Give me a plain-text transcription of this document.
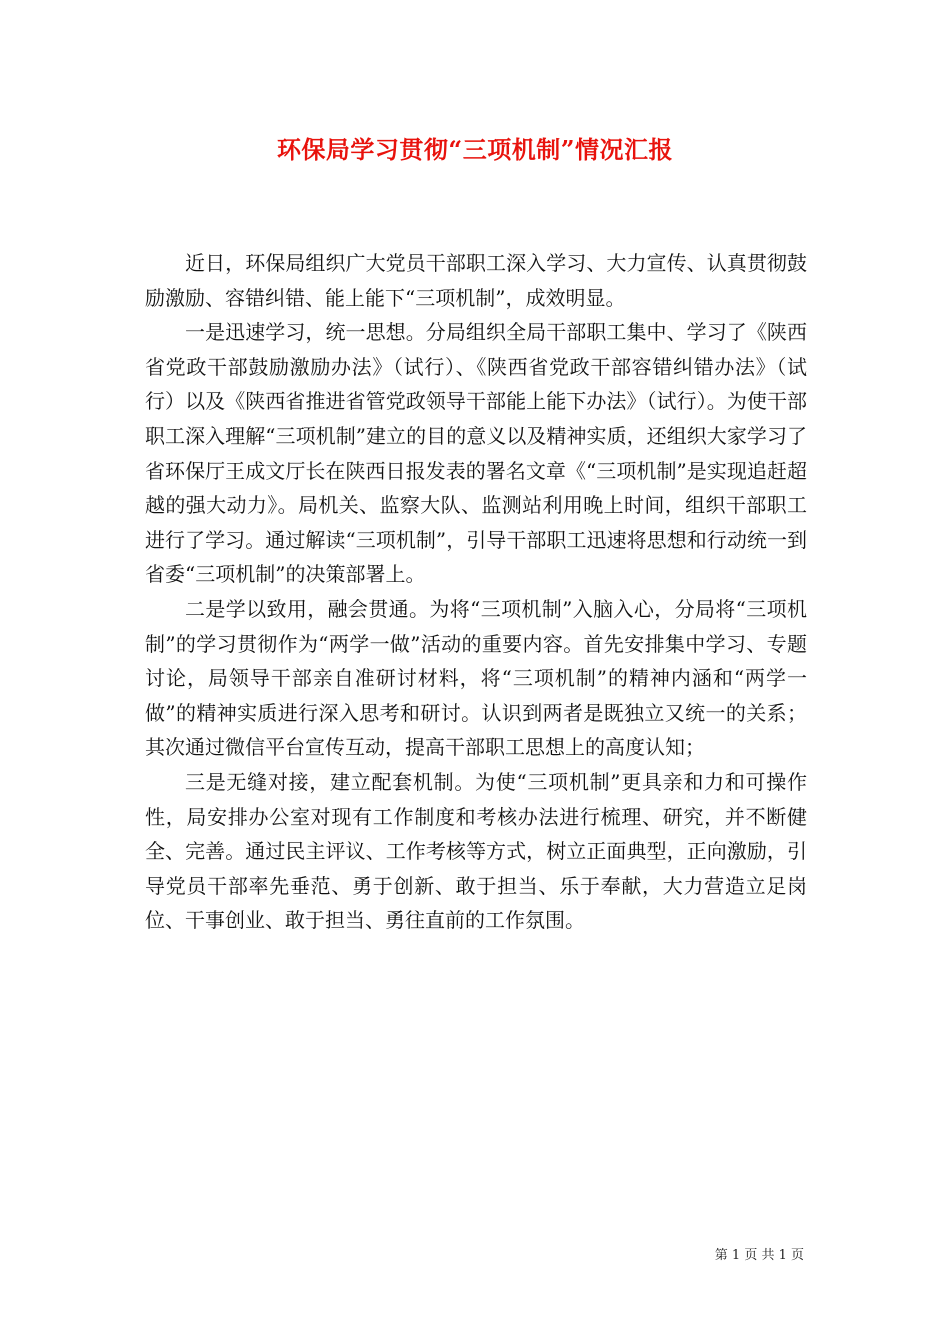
环保局学习贯彻“三项机制”情况汇报

近日，环保局组织广大党员干部职工深入学习、大力宣传、认真贯彻鼓励激励、容错纠错、能上能下“三项机制”，成效明显。

一是迅速学习，统一思想。分局组织全局干部职工集中、学习了《陕西省党政干部鼓励激励办法》（试行）、《陕西省党政干部容错纠错办法》（试行）以及《陕西省推进省管党政领导干部能上能下办法》（试行）。为使干部职工深入理解“三项机制”建立的目的意义以及精神实质，还组织大家学习了省环保厅王成文厅长在陕西日报发表的署名文章《“三项机制”是实现追赶超越的强大动力》。局机关、监察大队、监测站利用晚上时间，组织干部职工进行了学习。通过解读“三项机制”，引导干部职工迅速将思想和行动统一到省委“三项机制”的决策部署上。

二是学以致用，融会贯通。为将“三项机制”入脑入心，分局将“三项机制”的学习贯彻作为“两学一做”活动的重要内容。首先安排集中学习、专题讨论，局领导干部亲自准研讨材料，将“三项机制”的精神内涵和“两学一做”的精神实质进行深入思考和研讨。认识到两者是既独立又统一的关系；其次通过微信平台宣传互动，提高干部职工思想上的高度认知；

三是无缝对接，建立配套机制。为使“三项机制”更具亲和力和可操作性，局安排办公室对现有工作制度和考核办法进行梳理、研究，并不断健全、完善。通过民主评议、工作考核等方式，树立正面典型，正向激励，引导党员干部率先垂范、勇于创新、敢于担当、乐于奉献，大力营造立足岗位、干事创业、敢于担当、勇往直前的工作氛围。

第 1 页 共 1 页
